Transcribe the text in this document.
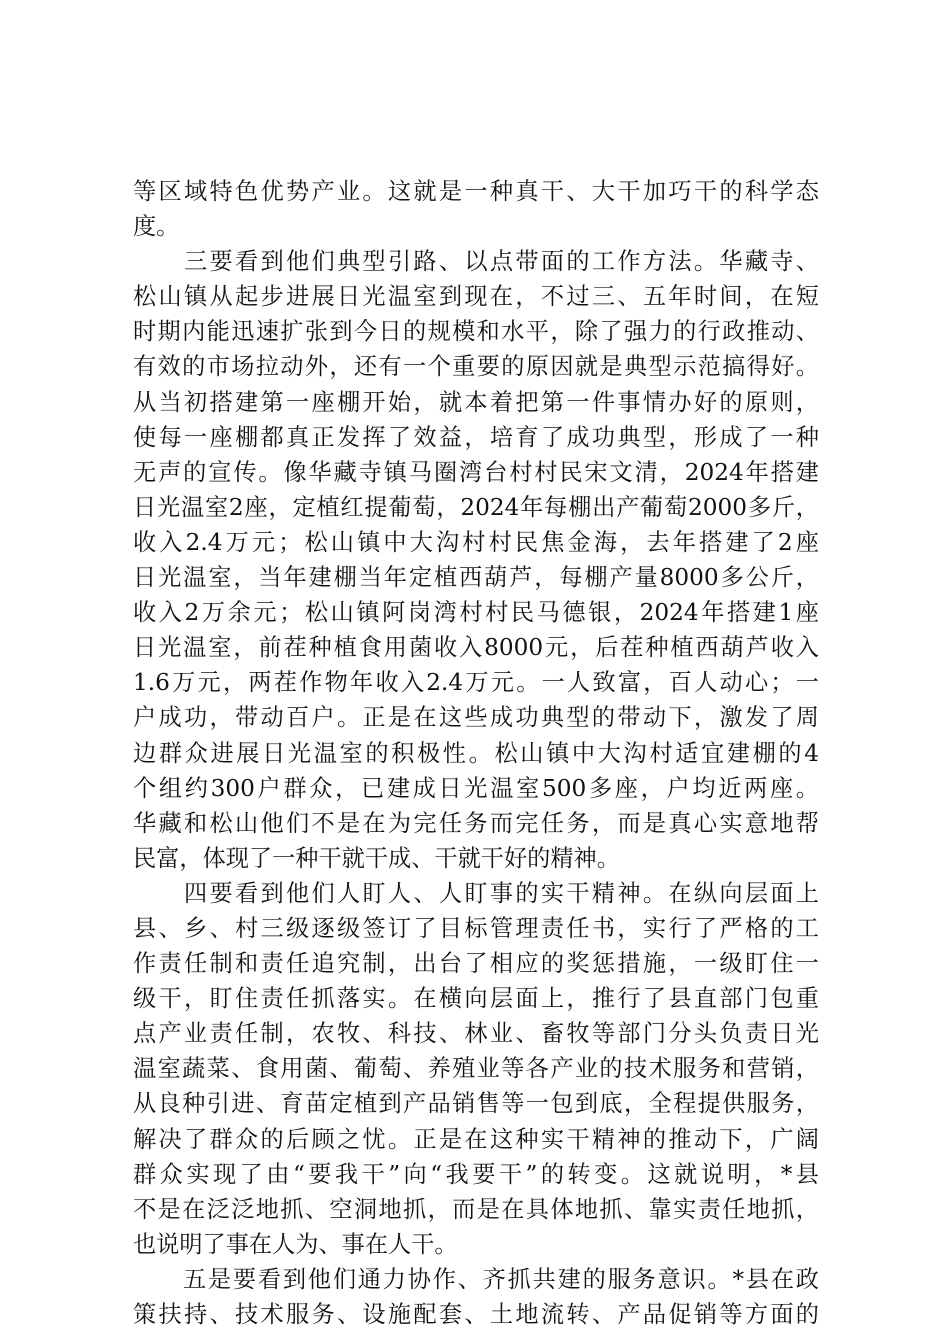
等区域特色优势产业。这就是一种真干、大干加巧干的科学态
度。
　　三要看到他们典型引路、以点带面的工作方法。华藏寺、
松山镇从起步进展日光温室到现在，不过三、五年时间，在短
时期内能迅速扩张到今日的规模和水平，除了强力的行政推动、
有效的市场拉动外，还有一个重要的原因就是典型示范搞得好。
从当初搭建第一座棚开始，就本着把第一件事情办好的原则，
使每一座棚都真正发挥了效益，培育了成功典型，形成了一种
无声的宣传。像华藏寺镇马圈湾台村村民宋文清，2024年搭建
日光温室2座，定植红提葡萄，2024年每棚出产葡萄2000多斤，
收入2.4万元；松山镇中大沟村村民焦金海，去年搭建了2座
日光温室，当年建棚当年定植西葫芦，每棚产量8000多公斤，
收入2万余元；松山镇阿岗湾村村民马德银，2024年搭建1座
日光温室，前茬种植食用菌收入8000元，后茬种植西葫芦收入
1.6万元，两茬作物年收入2.4万元。一人致富，百人动心；一
户成功，带动百户。正是在这些成功典型的带动下，激发了周
边群众进展日光温室的积极性。松山镇中大沟村适宜建棚的4
个组约300户群众，已建成日光温室500多座，户均近两座。
华藏和松山他们不是在为完任务而完任务，而是真心实意地帮
民富，体现了一种干就干成、干就干好的精神。
　　四要看到他们人盯人、人盯事的实干精神。在纵向层面上
县、乡、村三级逐级签订了目标管理责任书，实行了严格的工
作责任制和责任追究制，出台了相应的奖惩措施，一级盯住一
级干，盯住责任抓落实。在横向层面上，推行了县直部门包重
点产业责任制，农牧、科技、林业、畜牧等部门分头负责日光
温室蔬菜、食用菌、葡萄、养殖业等各产业的技术服务和营销，
从良种引进、育苗定植到产品销售等一包到底，全程提供服务，
解决了群众的后顾之忧。正是在这种实干精神的推动下，广阔
群众实现了由“要我干”向“我要干”的转变。这就说明，*县
不是在泛泛地抓、空洞地抓，而是在具体地抓、靠实责任地抓，
也说明了事在人为、事在人干。
　　五是要看到他们通力协作、齐抓共建的服务意识。*县在政
策扶持、技术服务、设施配套、土地流转、产品促销等方面的
